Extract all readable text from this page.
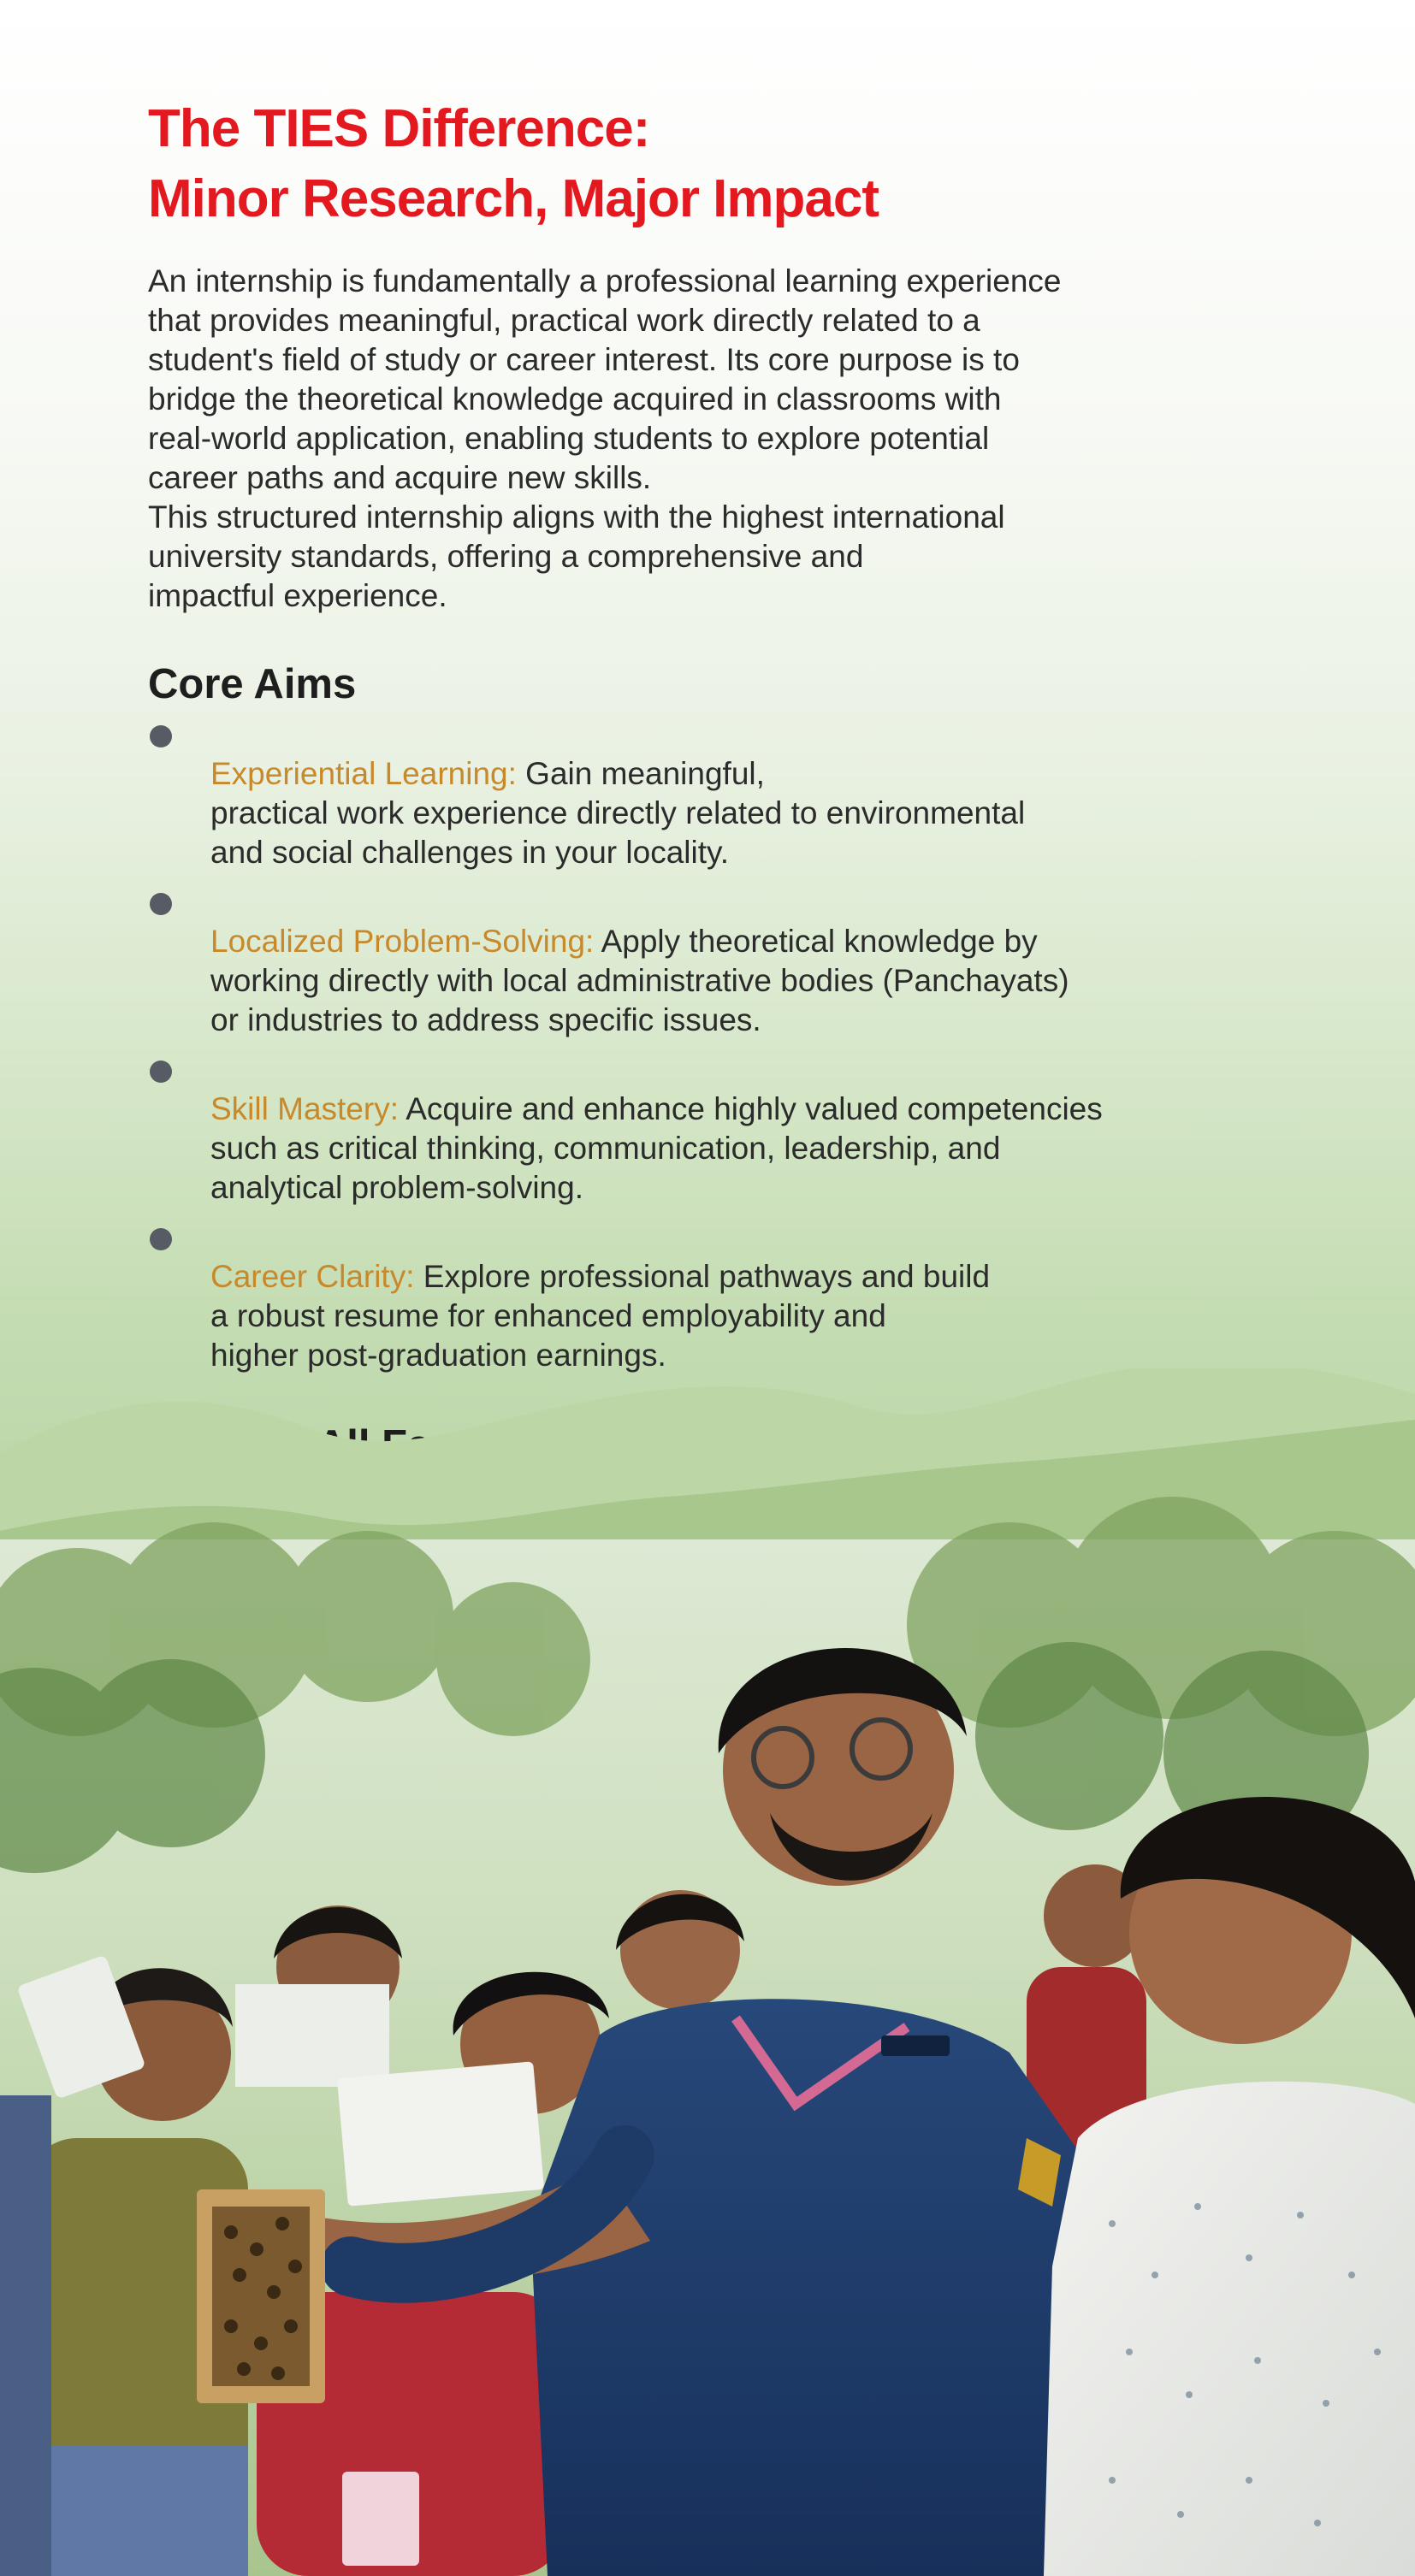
The TIES Difference:
Minor Research, Major Impact

An internship is fundamentally a professional learning experience
that provides meaningful, practical work directly related to a
student's field of study or career interest. Its core purpose is to
bridge the theoretical knowledge acquired in classrooms with
real-world application, enabling students to explore potential
career paths and acquire new skills.

This structured internship aligns with the highest international
university standards, offering a comprehensive and
impactful experience.

Core Aims

Experiential Learning: Gain meaningful,
practical work experience directly related to environmental
and social challenges in your locality.

Localized Problem-Solving: Apply theoretical knowledge by
working directly with local administrative bodies (Panchayats)
or industries to address specific issues.

Skill Mastery: Acquire and enhance highly valued competencies
such as critical thinking, communication, leadership, and
analytical problem-solving.

Career Clarity: Explore professional pathways and build
a robust resume for enhanced employability and
higher post-graduation earnings.
